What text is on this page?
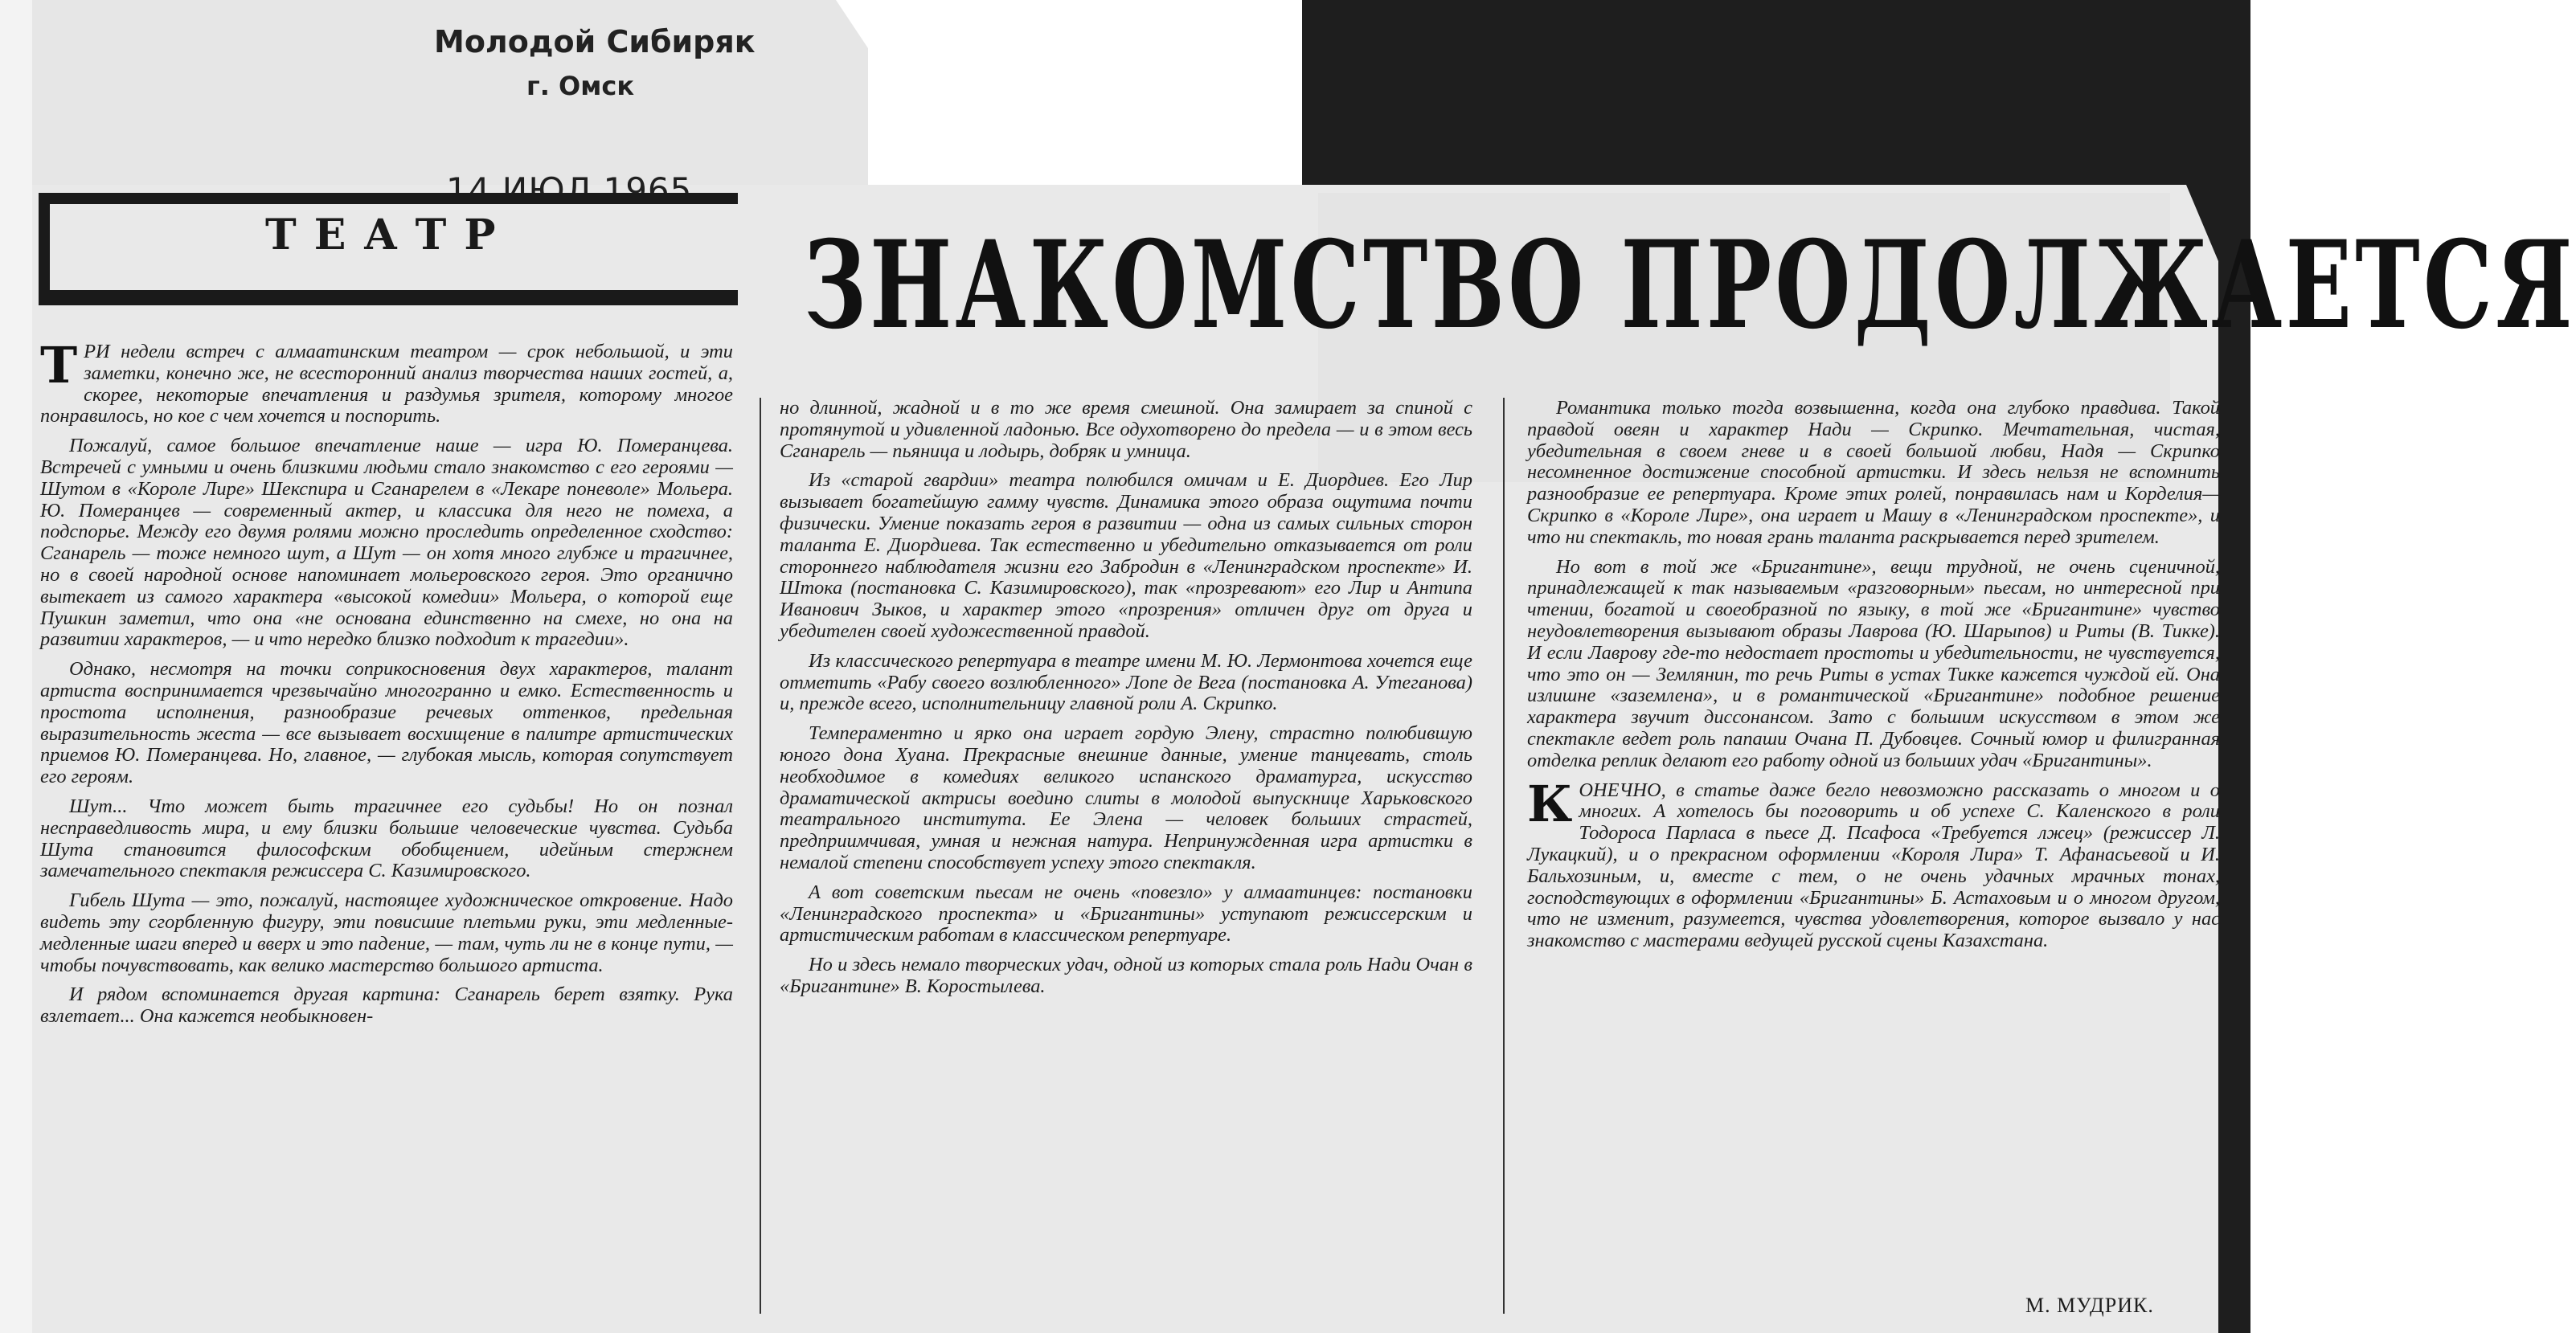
Молодой Сибиряк
г. Омск
14 ИЮЛ 1965
ТЕАТР ЗНАКОМСТВО ПРОДОЛЖАЕТСЯ

ТРИ недели встреч с алмаатинским театром — срок небольшой, и эти заметки, конечно же, не всесторонний анализ творчества наших гостей, а, скорее, некоторые впечатления и раздумья зрителя, которому многое понравилось, но кое с чем хочется и поспорить.

Пожалуй, самое большое впечатление наше — игра Ю. Померанцева. Встречей с умными и очень близкими людьми стало знакомство с его героями — Шутом в «Короле Лире» Шекспира и Сганарелем в «Лекаре поневоле» Мольера. Ю. Померанцев — современный актер, и классика для него не помеха, а подспорье. Между его двумя ролями можно проследить определенное сходство: Сганарель — тоже немного шут, а Шут — он хотя много глубже и трагичнее, но в своей народной основе напоминает мольеровского героя. Это органично вытекает из самого характера «высокой комедии» Мольера, о которой еще Пушкин заметил, что она «не основана единственно на смехе, но она на развитии характеров, — и что нередко близко подходит к трагедии».

Однако, несмотря на точки соприкосновения двух характеров, талант артиста воспринимается чрезвычайно многогранно и емко. Естественность и простота исполнения, разнообразие речевых оттенков, предельная выразительность жеста — все вызывает восхищение в палитре артистических приемов Ю. Померанцева. Но, главное, — глубокая мысль, которая сопутствует его героям.

Шут... Что может быть трагичнее его судьбы! Но он познал несправедливость мира, и ему близки большие человеческие чувства. Судьба Шута становится философским обобщением, идейным стержнем замечательного спектакля режиссера С. Казимировского.

Гибель Шута — это, пожалуй, настоящее художническое откровение. Надо видеть эту сгорбленную фигуру, эти повисшие плетьми руки, эти медленные-медленные шаги вперед и вверх и это падение, — там, чуть ли не в конце пути, — чтобы почувствовать, как велико мастерство большого артиста.

И рядом вспоминается другая картина: Сганарель берет взятку. Рука взлетает... Она кажется необыкновен-

но длинной, жадной и в то же время смешной. Она замирает за спиной с протянутой и удивленной ладонью. Все одухотворено до предела — и в этом весь Сганарель — пьяница и лодырь, добряк и умница.

Из «старой гвардии» театра полюбился омичам и Е. Диордиев. Его Лир вызывает богатейшую гамму чувств. Динамика этого образа ощутима почти физически. Умение показать героя в развитии — одна из самых сильных сторон таланта Е. Диордиева. Так естественно и убедительно отказывается от роли стороннего наблюдателя жизни его Забродин в «Ленинградском проспекте» И. Штока (постановка С. Казимировского), так «прозревают» его Лир и Антипа Иванович Зыков, и характер этого «прозрения» отличен друг от друга и убедителен своей художественной правдой.

Из классического репертуара в театре имени М. Ю. Лермонтова хочется еще отметить «Рабу своего возлюбленного» Лопе де Вега (постановка А. Утеганова) и, прежде всего, исполнительницу главной роли А. Скрипко.

Темпераментно и ярко она играет гордую Элену, страстно полюбившую юного дона Хуана. Прекрасные внешние данные, умение танцевать, столь необходимое в комедиях великого испанского драматурга, искусство драматической актрисы воедино слиты в молодой выпускнице Харьковского театрального института. Ее Элена — человек больших страстей, предприимчивая, умная и нежная натура. Непринужденная игра артистки в немалой степени способствует успеху этого спектакля.

А вот советским пьесам не очень «повезло» у алмаатинцев: постановки «Ленинградского проспекта» и «Бригантины» уступают режиссерским и артистическим работам в классическом репертуаре.

Но и здесь немало творческих удач, одной из которых стала роль Нади Очан в «Бригантине» В. Коростылева.

Романтика только тогда возвышенна, когда она глубоко правдива. Такой правдой овеян и характер Нади — Скрипко. Мечтательная, чистая, убедительная в своем гневе и в своей большой любви, Надя — Скрипко несомненное достижение способной артистки. И здесь нельзя не вспомнить разнообразие ее репертуара. Кроме этих ролей, понравилась нам и Корделия—Скрипко в «Короле Лире», она играет и Машу в «Ленинградском проспекте», и что ни спектакль, то новая грань таланта раскрывается перед зрителем.

Но вот в той же «Бригантине», вещи трудной, не очень сценичной, принадлежащей к так называемым «разговорным» пьесам, но интересной при чтении, богатой и своеобразной по языку, в той же «Бригантине» чувство неудовлетворения вызывают образы Лаврова (Ю. Шарыпов) и Риты (В. Тикке). И если Лаврову где-то недостает простоты и убедительности, не чувствуется, что это он — Землянин, то речь Риты в устах Тикке кажется чуждой ей. Она излишне «заземлена», и в романтической «Бригантине» подобное решение характера звучит диссонансом. Зато с большим искусством в этом же спектакле ведет роль папаши Очана П. Дубовцев. Сочный юмор и филигранная отделка реплик делают его работу одной из больших удач «Бригантины».

КОНЕЧНО, в статье даже бегло невозможно рассказать о многом и о многих. А хотелось бы поговорить и об успехе С. Каленского в роли Тодороса Парласа в пьесе Д. Псафоса «Требуется лжец» (режиссер Л. Лукацкий), и о прекрасном оформлении «Короля Лира» Т. Афанасьевой и И. Бальхозиным, и, вместе с тем, о не очень удачных мрачных тонах, господствующих в оформлении «Бригантины» Б. Астаховым и о многом другом, что не изменит, разумеется, чувства удовлетворения, которое вызвало у нас знакомство с мастерами ведущей русской сцены Казахстана.

М. МУДРИК.
